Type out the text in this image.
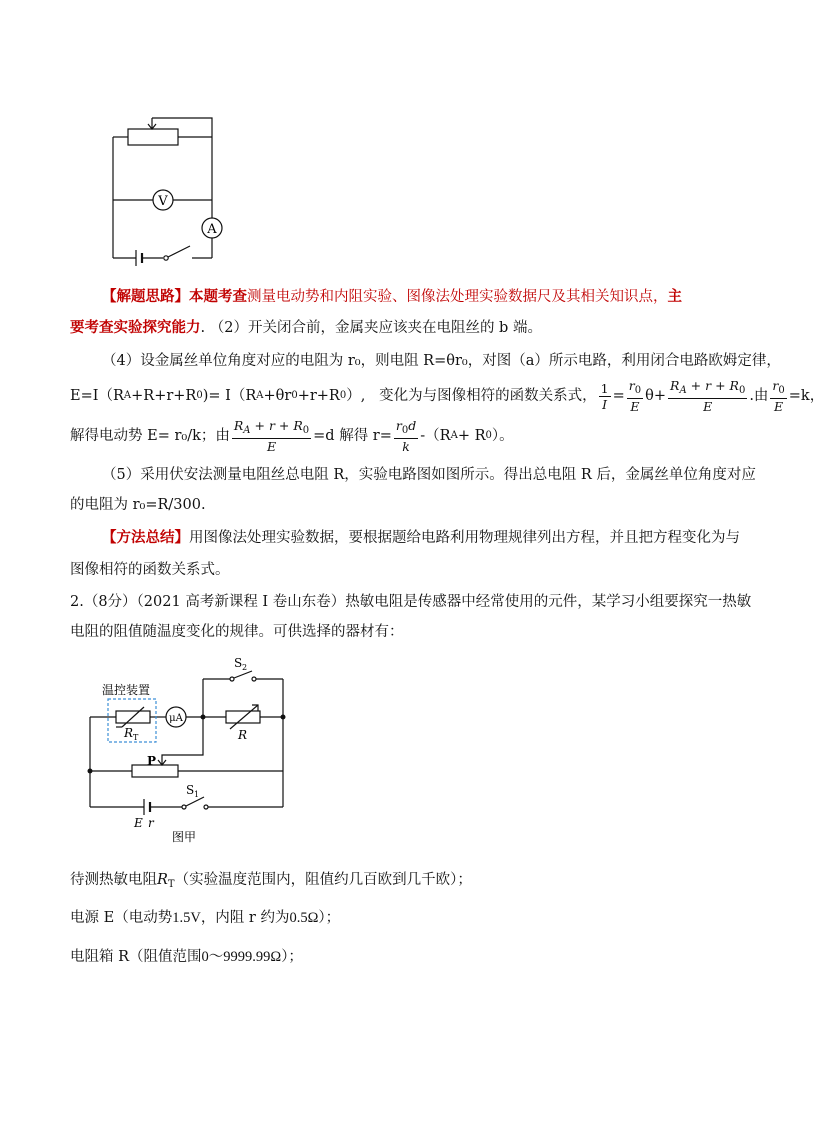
V
A
【解题思路】本题考查测量电动势和内阻实验、图像法处理实验数据尺及其相关知识点，主
要考查实验探究能力. （2）开关闭合前，金属夹应该夹在电阻丝的 b 端。
（4）设金属丝单位角度对应的电阻为 r₀，则电阻 R=θr₀，对图（a）所示电路，利用闭合电路欧姆定律，
E=I（R A +R+r+R 0 )= I（R A +θr 0 +r+R 0 ）, 变化为与图像相符的函数关系式， $\frac{1}{I} = \frac{r_0}{E} \theta+ \frac{R_A + r + R_0}{E}$ .由 $\frac{r_0}{E} =k$，
解得电动势 E= r₀/k；由 $\frac{R_A + r + R_0}{E} =d$ 解得 $r= \frac{r_0d}{k} -(R$ A + R 0 ）。
（5）采用伏安法测量电阻丝总电阻 R，实验电路图如图所示。得出总电阻 R 后，金属丝单位角度对应
的电阻为 r₀=R/300.
【方法总结】用图像法处理实验数据，要根据题给电路利用物理规律列出方程，并且把方程变化为与
图像相符的函数关系式。
2.（8分）（2021 高考新课程 I 卷山东卷）热敏电阻是传感器中经常使用的元件，某学习小组要探究一热敏
电阻的阻值随温度变化的规律。可供选择的器材有：
温控装置
R T
μA
R
S 2
P
S 1
E r
图甲
待测热敏电阻$R_T$（实验温度范围内，阻值约几百欧到几千欧）；
电源 E（电动势1.5V，内阻 r 约为0.5Ω）；
电阻箱 R（阻值范围0～9999.99Ω）；
